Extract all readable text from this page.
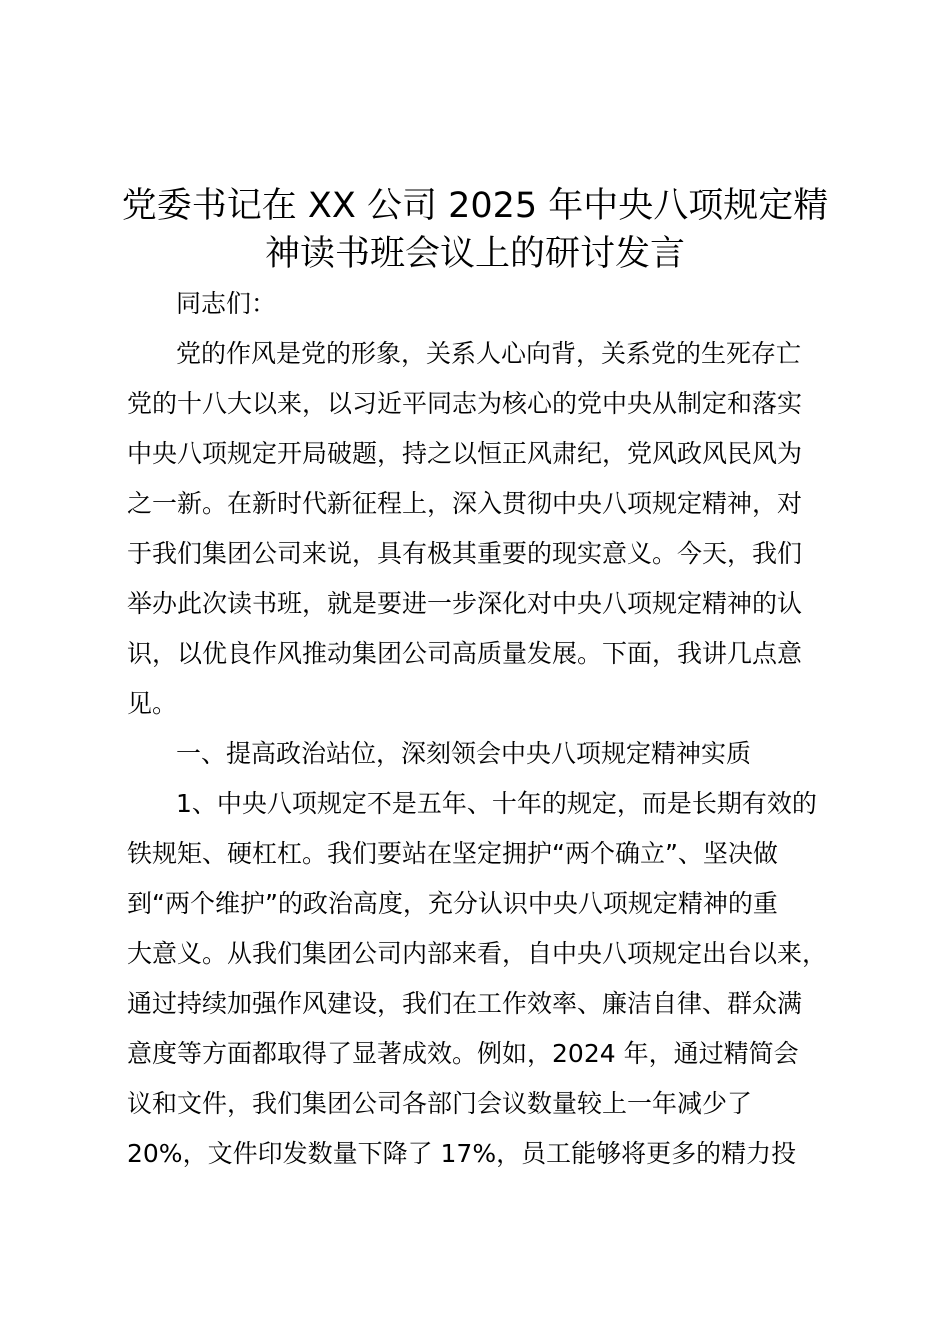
党委书记在 XX 公司 2025 年中央八项规定精
神读书班会议上的研讨发言
同志们：
党的作风是党的形象，关系人心向背，关系党的生死存亡
党的十八大以来，以习近平同志为核心的党中央从制定和落实
中央八项规定开局破题，持之以恒正风肃纪，党风政风民风为
之一新。在新时代新征程上，深入贯彻中央八项规定精神，对
于我们集团公司来说，具有极其重要的现实意义。今天，我们
举办此次读书班，就是要进一步深化对中央八项规定精神的认
识，以优良作风推动集团公司高质量发展。下面，我讲几点意
见。
一、提高政治站位，深刻领会中央八项规定精神实质
1、中央八项规定不是五年、十年的规定，而是长期有效的
铁规矩、硬杠杠。我们要站在坚定拥护“两个确立”、坚决做
到“两个维护”的政治高度，充分认识中央八项规定精神的重
大意义。从我们集团公司内部来看，自中央八项规定出台以来，
通过持续加强作风建设，我们在工作效率、廉洁自律、群众满
意度等方面都取得了显著成效。例如，2024 年，通过精简会
议和文件，我们集团公司各部门会议数量较上一年减少了
20%，文件印发数量下降了 17%，员工能够将更多的精力投
